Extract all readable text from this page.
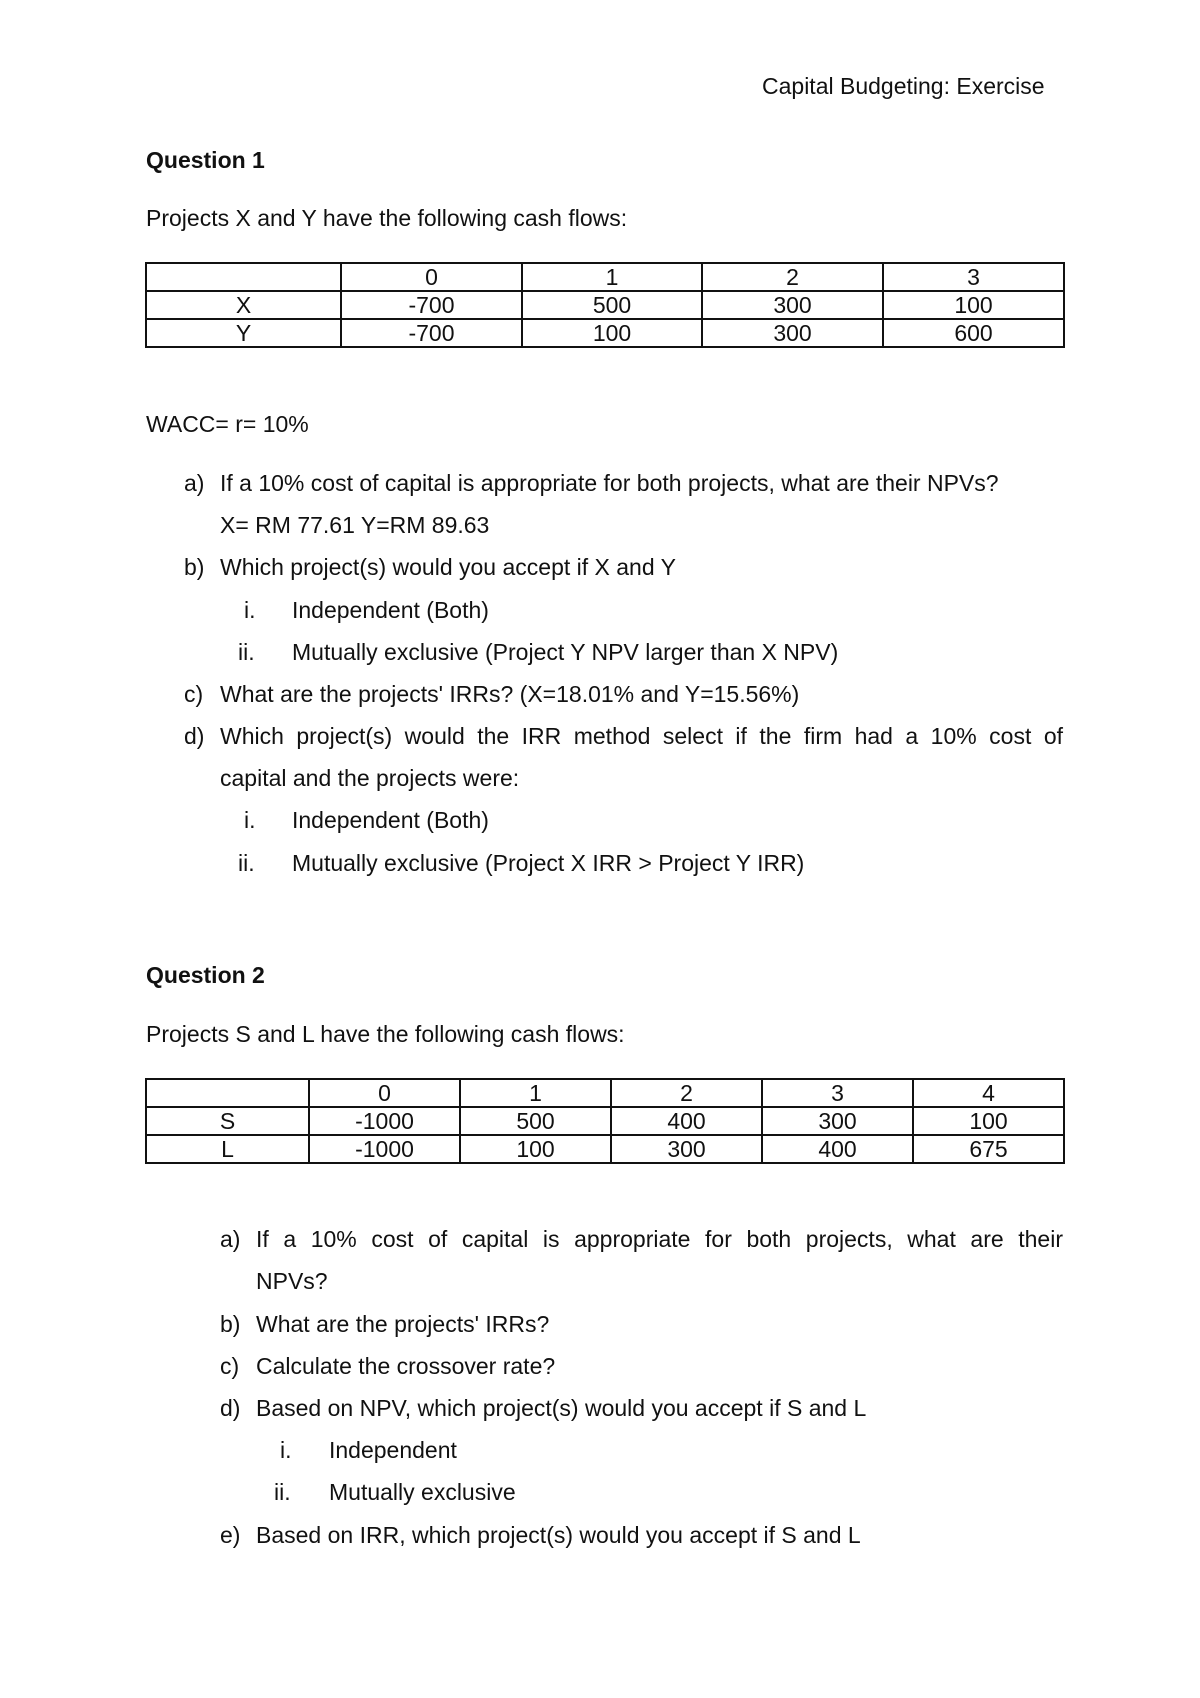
Capital Budgeting: Exercise
Question 1
Projects X and Y have the following cash flows:
	0	1	2	3
X	-700	500	300	100
Y	-700	100	300	600
WACC= r= 10%
a) If a 10% cost of capital is appropriate for both projects, what are their NPVs?
X= RM 77.61 Y=RM 89.63
b) Which project(s) would you accept if X and Y
i. Independent (Both)
ii. Mutually exclusive (Project Y NPV larger than X NPV)
c) What are the projects' IRRs? (X=18.01% and Y=15.56%)
d) Which project(s) would the IRR method select if the firm had a 10% cost of
capital and the projects were:
i. Independent (Both)
ii. Mutually exclusive (Project X IRR > Project Y IRR)
Question 2
Projects S and L have the following cash flows:
	0	1	2	3	4
S	-1000	500	400	300	100
L	-1000	100	300	400	675
a) If a 10% cost of capital is appropriate for both projects, what are their
NPVs?
b) What are the projects' IRRs?
c) Calculate the crossover rate?
d) Based on NPV, which project(s) would you accept if S and L
i. Independent
ii. Mutually exclusive
e) Based on IRR, which project(s) would you accept if S and L
